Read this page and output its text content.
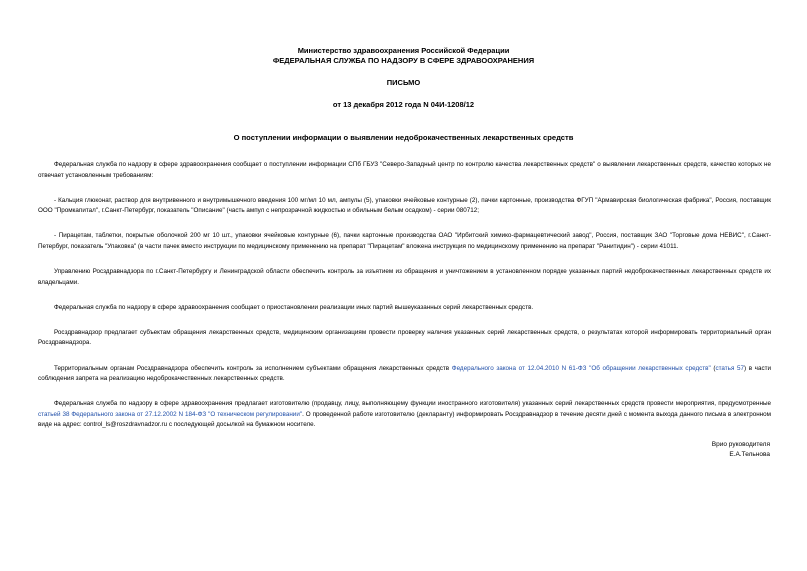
Министерство здравоохранения Российской Федерации
ФЕДЕРАЛЬНАЯ СЛУЖБА ПО НАДЗОРУ В СФЕРЕ ЗДРАВООХРАНЕНИЯ
ПИСЬМО
от 13 декабря 2012 года N 04И-1208/12
О поступлении информации о выявлении недоброкачественных лекарственных средств

Федеральная служба по надзору в сфере здравоохранения сообщает о поступлении информации СПб ГБУЗ "Северо-Западный центр по контролю качества лекарственных средств" о выявлении лекарственных средств, качество которых не отвечает установленным требованиям:

- Кальция глюконат, раствор для внутривенного и внутримышечного введения 100 мг/мл 10 мл, ампулы (5), упаковки ячейковые контурные (2), пачки картонные, производства ФГУП "Армавирская биологическая фабрика", Россия, поставщик ООО "Промкапитал", г.Санкт-Петербург, показатель "Описание" (часть ампул с непрозрачной жидкостью и обильным белым осадком) - серии 080712;

- Пирацетам, таблетки, покрытые оболочкой 200 мг 10 шт., упаковки ячейковые контурные (6), пачки картонные производства ОАО "Ирбитский химико-фармацевтический завод", Россия, поставщик ЗАО "Торговые дома НЕВИС", г.Санкт-Петербург, показатель "Упаковка" (в части пачек вместо инструкции по медицинскому применению на препарат "Пирацетам" вложена инструкция по медицинскому применению на препарат "Ранитидин") - серии 41011.

Управлению Росздравнадзора по г.Санкт-Петербургу и Ленинградской области обеспечить контроль за изъятием из обращения и уничтожением в установленном порядке указанных партий недоброкачественных лекарственных средств их владельцами.

Федеральная служба по надзору в сфере здравоохранения сообщает о приостановлении реализации иных партий вышеуказанных серий лекарственных средств.

Росздравнадзор предлагает субъектам обращения лекарственных средств, медицинским организациям провести проверку наличия указанных серий лекарственных средств, о результатах которой информировать территориальный орган Росздравнадзора.

Территориальным органам Росздравнадзора обеспечить контроль за исполнением субъектами обращения лекарственных средств Федерального закона от 12.04.2010 N 61-ФЗ "Об обращении лекарственных средств" (статья 57) в части соблюдения запрета на реализацию недоброкачественных лекарственных средств.

Федеральная служба по надзору в сфере здравоохранения предлагает изготовителю (продавцу, лицу, выполняющему функции иностранного изготовителя) указанных серий лекарственных средств провести мероприятия, предусмотренные статьей 38 Федерального закона от 27.12.2002 N 184-ФЗ "О техническом регулировании". О проведенной работе изготовителю (декларанту) информировать Росздравнадзор в течение десяти дней с момента выхода данного письма в электронном виде на адрес: control_ls@roszdravnadzor.ru с последующей досылкой на бумажном носителе.

Врио руководителя
Е.А.Тельнова
